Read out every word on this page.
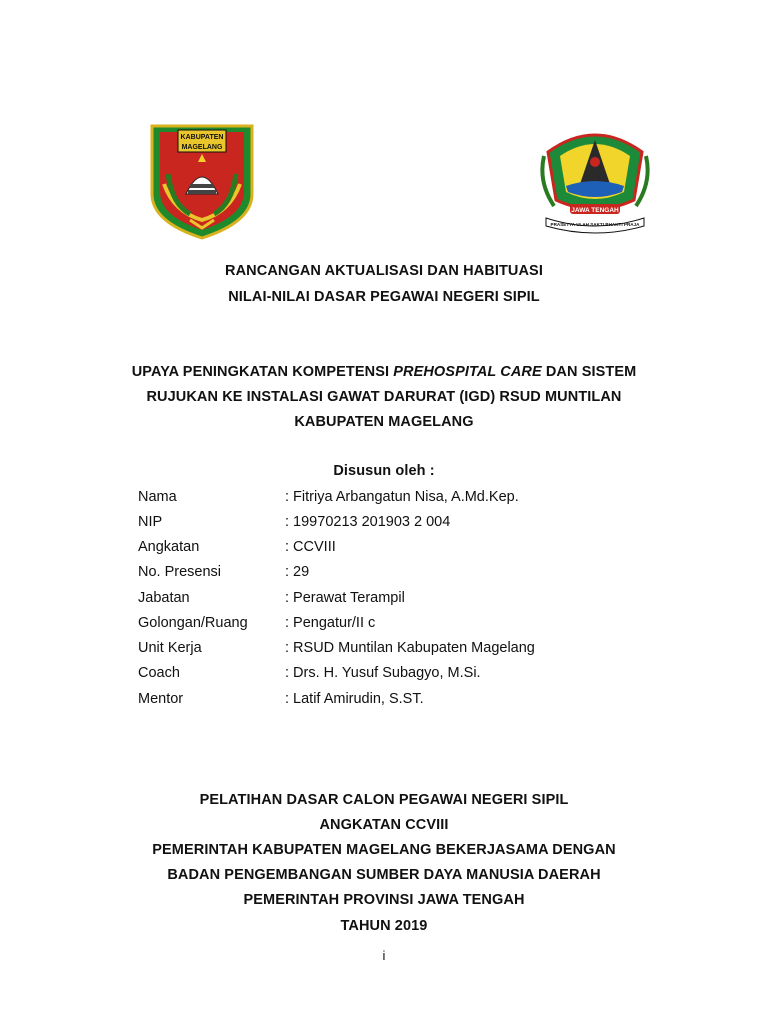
KABUPATEN
MAGELANG
JAWA TENGAH
PRASETYA ULAH SAKTI BHAKTI PRAJA
RANCANGAN AKTUALISASI DAN HABITUASI
NILAI-NILAI DASAR PEGAWAI NEGERI SIPIL
UPAYA PENINGKATAN KOMPETENSI PREHOSPITAL CARE DAN SISTEM
RUJUKAN KE INSTALASI GAWAT DARURAT (IGD) RSUD MUNTILAN
KABUPATEN MAGELANG
Disusun oleh :
Nama	: Fitriya Arbangatun Nisa, A.Md.Kep.
NIP	: 19970213 201903 2 004
Angkatan	: CCVIII
No. Presensi	: 29
Jabatan	: Perawat Terampil
Golongan/Ruang	: Pengatur/II c
Unit Kerja	: RSUD Muntilan Kabupaten Magelang
Coach	: Drs. H. Yusuf Subagyo, M.Si.
Mentor	: Latif Amirudin, S.ST.
PELATIHAN DASAR CALON PEGAWAI NEGERI SIPIL
ANGKATAN CCVIII
PEMERINTAH KABUPATEN MAGELANG BEKERJASAMA DENGAN
BADAN PENGEMBANGAN SUMBER DAYA MANUSIA DAERAH
PEMERINTAH PROVINSI JAWA TENGAH
TAHUN 2019
i
